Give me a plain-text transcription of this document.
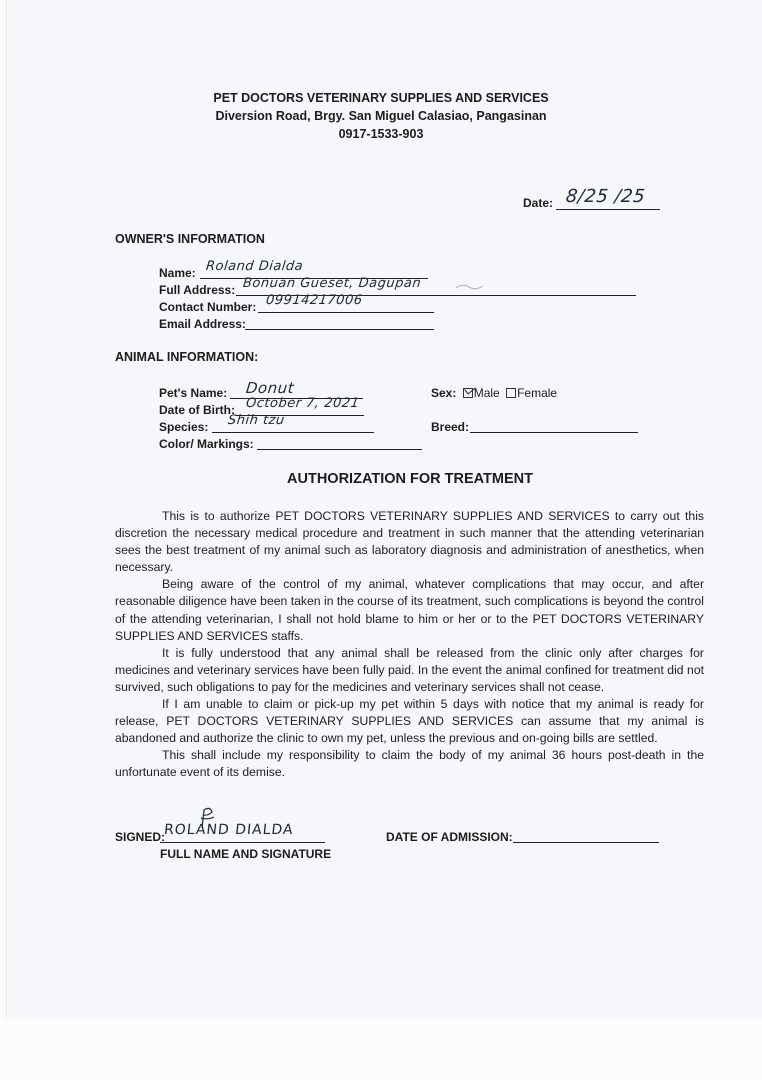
PET DOCTORS VETERINARY SUPPLIES AND SERVICES
Diversion Road, Brgy. San Miguel Calasiao, Pangasinan
0917-1533-903
Date: 8/25 /25
OWNER'S INFORMATION
Name: Roland Dialda
Full Address: Bonuan Gueset, Dagupan
Contact Number: 09914217006
Email Address:
ANIMAL INFORMATION:
Pet's Name: Donut
Date of Birth: October 7, 2021
Species: Shih tzu
Color/ Markings:
Sex: Male Female
Breed:
AUTHORIZATION FOR TREATMENT

This is to authorize PET DOCTORS VETERINARY SUPPLIES AND SERVICES to carry out this discretion the necessary medical procedure and treatment in such manner that the attending veterinarian sees the best treatment of my animal such as laboratory diagnosis and administration of anesthetics, when necessary.

Being aware of the control of my animal, whatever complications that may occur, and after reasonable diligence have been taken in the course of its treatment, such complications is beyond the control of the attending veterinarian, I shall not hold blame to him or her or to the PET DOCTORS VETERINARY SUPPLIES AND SERVICES staffs.

It is fully understood that any animal shall be released from the clinic only after charges for medicines and veterinary services have been fully paid. In the event the animal confined for treatment did not survived, such obligations to pay for the medicines and veterinary services shall not cease.

If I am unable to claim or pick-up my pet within 5 days with notice that my animal is ready for release, PET DOCTORS VETERINARY SUPPLIES AND SERVICES can assume that my animal is abandoned and authorize the clinic to own my pet, unless the previous and on-going bills are settled.

This shall include my responsibility to claim the body of my animal 36 hours post-death in the unfortunate event of its demise.

SIGNED:
ROLAND DIALDA
FULL NAME AND SIGNATURE
DATE OF ADMISSION:
